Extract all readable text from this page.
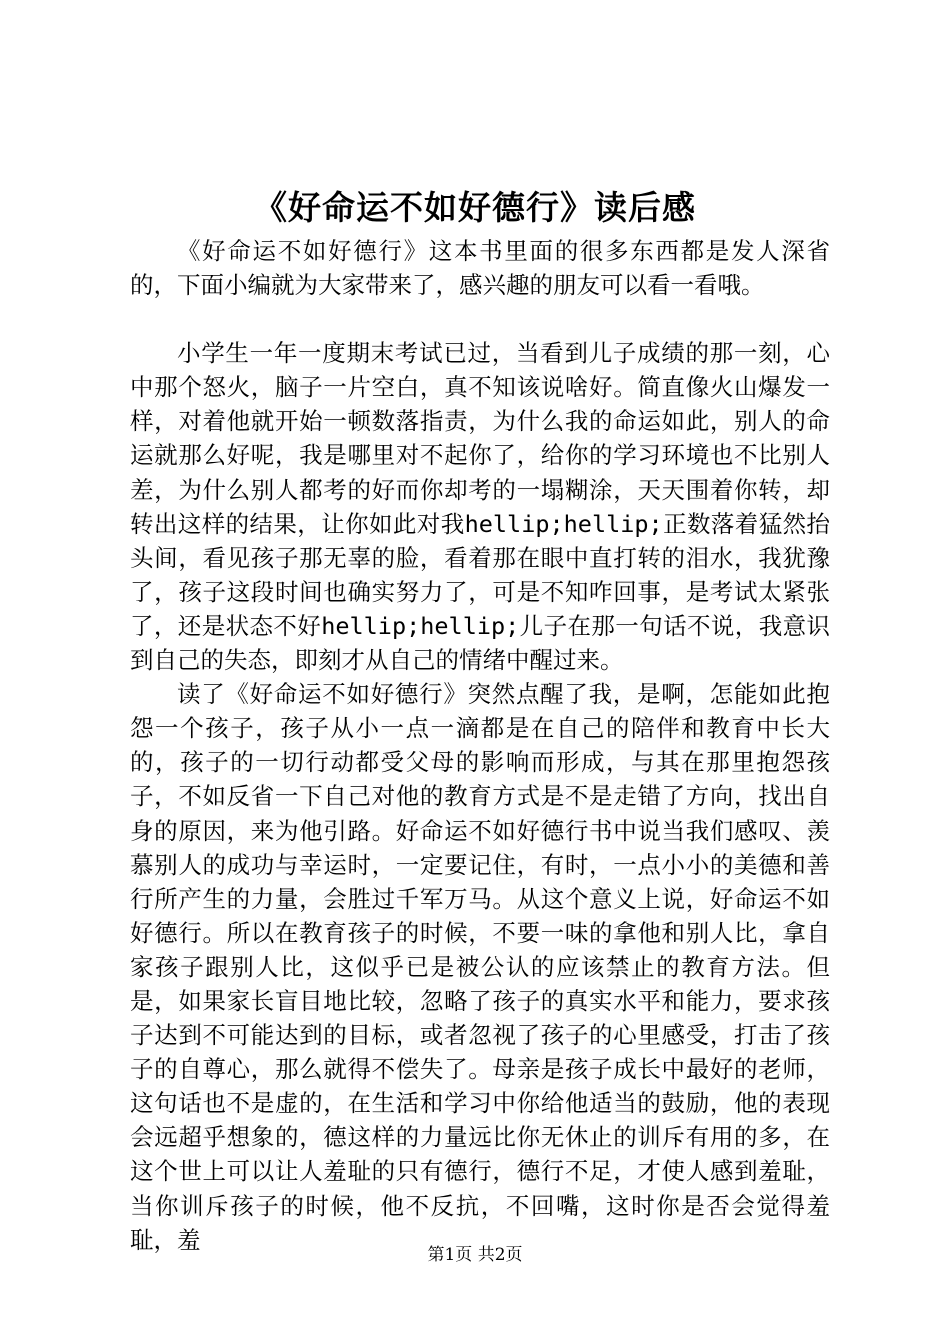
《好命运不如好德行》读后感

《好命运不如好德行》这本书里面的很多东西都是发人深省的，下面小编就为大家带来了，感兴趣的朋友可以看一看哦。

小学生一年一度期末考试已过，当看到儿子成绩的那一刻，心中那个怒火，脑子一片空白，真不知该说啥好。简直像火山爆发一样，对着他就开始一顿数落指责，为什么我的命运如此，别人的命运就那么好呢，我是哪里对不起你了，给你的学习环境也不比别人差，为什么别人都考的好而你却考的一塌糊涂，天天围着你转，却转出这样的结果，让你如此对我hellip;hellip;正数落着猛然抬头间，看见孩子那无辜的脸，看着那在眼中直打转的泪水，我犹豫了，孩子这段时间也确实努力了，可是不知咋回事，是考试太紧张了，还是状态不好hellip;hellip;儿子在那一句话不说，我意识到自己的失态，即刻才从自己的情绪中醒过来。

读了《好命运不如好德行》突然点醒了我，是啊，怎能如此抱怨一个孩子，孩子从小一点一滴都是在自己的陪伴和教育中长大的，孩子的一切行动都受父母的影响而形成，与其在那里抱怨孩子，不如反省一下自己对他的教育方式是不是走错了方向，找出自身的原因，来为他引路。好命运不如好德行书中说当我们感叹、羡慕别人的成功与幸运时，一定要记住，有时，一点小小的美德和善行所产生的力量，会胜过千军万马。从这个意义上说，好命运不如好德行。所以在教育孩子的时候，不要一味的拿他和别人比，拿自家孩子跟别人比，这似乎已是被公认的应该禁止的教育方法。但是，如果家长盲目地比较，忽略了孩子的真实水平和能力，要求孩子达到不可能达到的目标，或者忽视了孩子的心里感受，打击了孩子的自尊心，那么就得不偿失了。母亲是孩子成长中最好的老师，这句话也不是虚的，在生活和学习中你给他适当的鼓励，他的表现会远超乎想象的，德这样的力量远比你无休止的训斥有用的多，在这个世上可以让人羞耻的只有德行，德行不足，才使人感到羞耻，当你训斥孩子的时候，他不反抗，不回嘴，这时你是否会觉得羞耻，羞

第1页 共2页
